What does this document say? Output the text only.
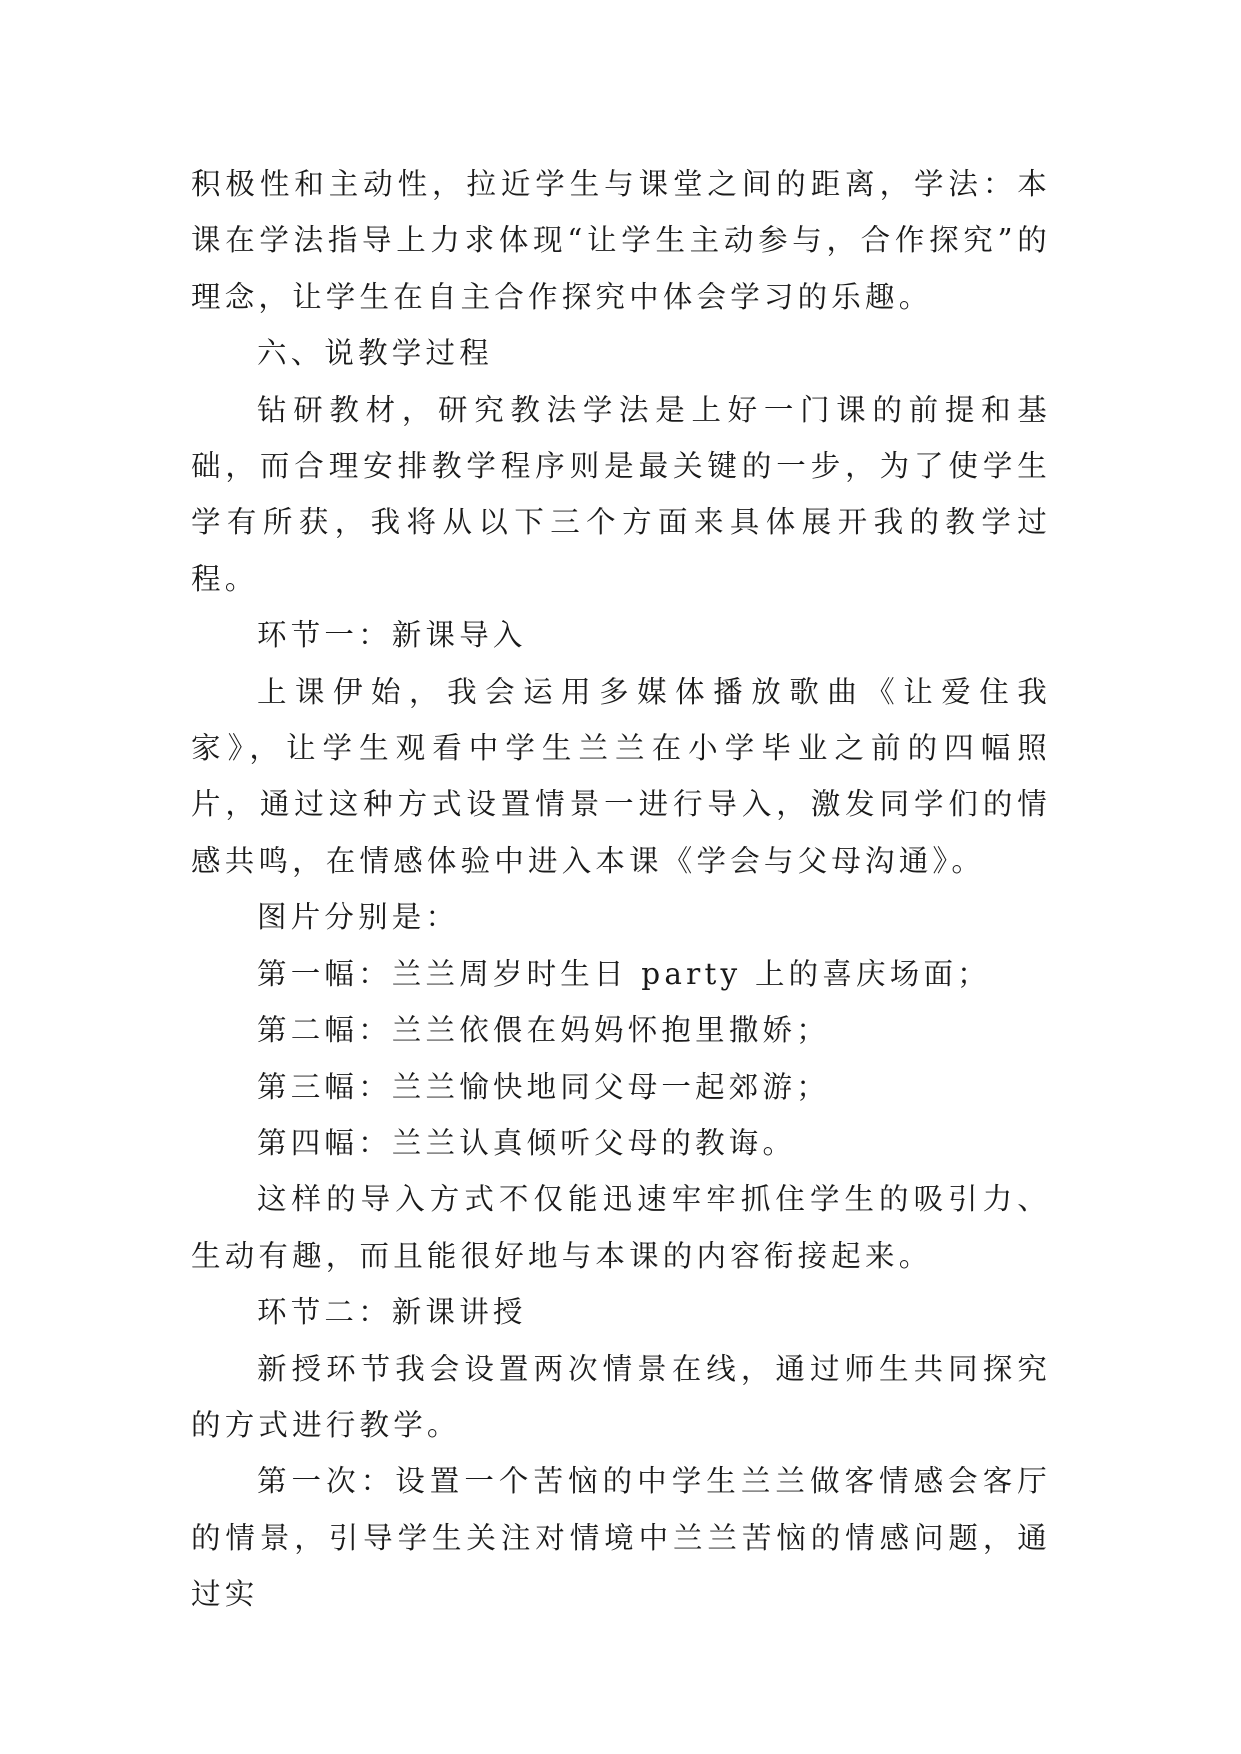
积极性和主动性，拉近学生与课堂之间的距离，学法：本课在学法指导上力求体现“让学生主动参与，合作探究”的理念，让学生在自主合作探究中体会学习的乐趣。

六、说教学过程

钻研教材，研究教法学法是上好一门课的前提和基础，而合理安排教学程序则是最关键的一步，为了使学生学有所获，我将从以下三个方面来具体展开我的教学过程。

环节一：新课导入

上课伊始，我会运用多媒体播放歌曲《让爱住我家》，让学生观看中学生兰兰在小学毕业之前的四幅照片，通过这种方式设置情景一进行导入，激发同学们的情感共鸣，在情感体验中进入本课《学会与父母沟通》。

图片分别是：

第一幅：兰兰周岁时生日 party 上的喜庆场面；

第二幅：兰兰依偎在妈妈怀抱里撒娇；

第三幅：兰兰愉快地同父母一起郊游；

第四幅：兰兰认真倾听父母的教诲。

这样的导入方式不仅能迅速牢牢抓住学生的吸引力、生动有趣，而且能很好地与本课的内容衔接起来。

环节二：新课讲授

新授环节我会设置两次情景在线，通过师生共同探究的方式进行教学。

第一次：设置一个苦恼的中学生兰兰做客情感会客厅的情景，引导学生关注对情境中兰兰苦恼的情感问题，通过实
